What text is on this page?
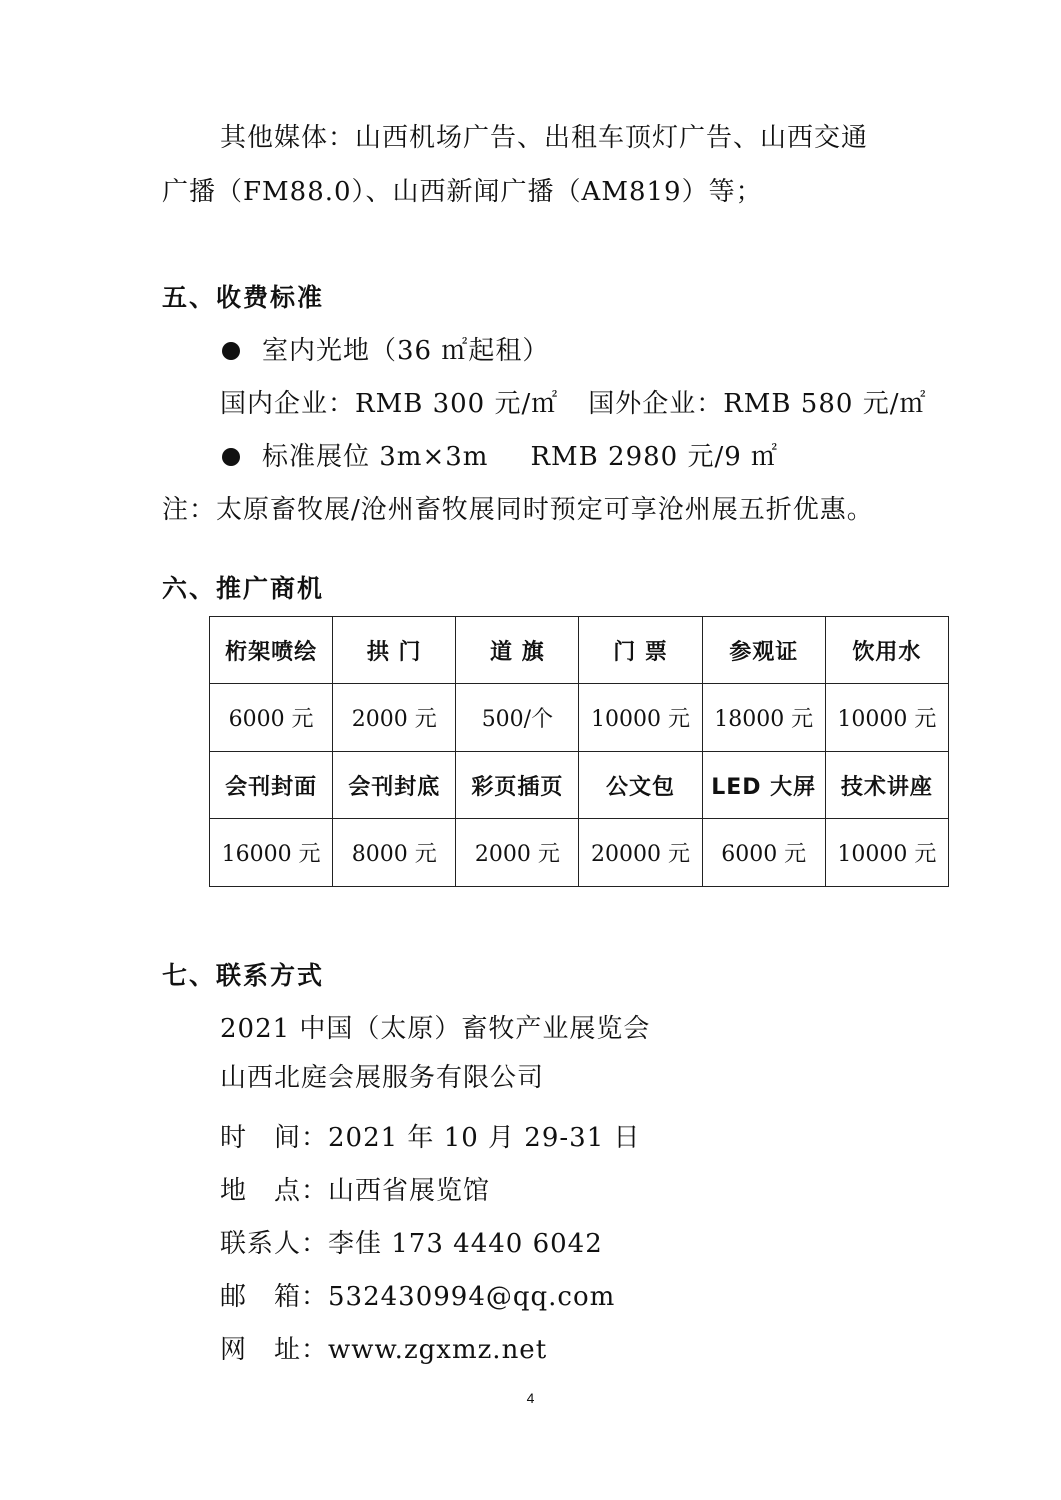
其他媒体：山西机场广告、出租车顶灯广告、山西交通
广播（FM88.0）、山西新闻广播（AM819）等；
五、收费标准
室内光地（36 ㎡起租）
国内企业：RMB 300 元/㎡ 国外企业：RMB 580 元/㎡
标准展位 3m×3m RMB 2980 元/9 ㎡
注：太原畜牧展/沧州畜牧展同时预定可享沧州展五折优惠。
六、推广商机
桁架喷绘	拱 门	道 旗	门 票	参观证	饮用水
6000 元	2000 元	500/个	10000 元	18000 元	10000 元
会刊封面	会刊封底	彩页插页	公文包	LED 大屏	技术讲座
16000 元	8000 元	2000 元	20000 元	6000 元	10000 元
七、联系方式
2021 中国（太原）畜牧产业展览会
山西北庭会展服务有限公司
时　间：2021 年 10 月 29-31 日
地　点：山西省展览馆
联系人：李佳 173 4440 6042
邮　箱：532430994@qq.com
网　址：www.zgxmz.net
4
